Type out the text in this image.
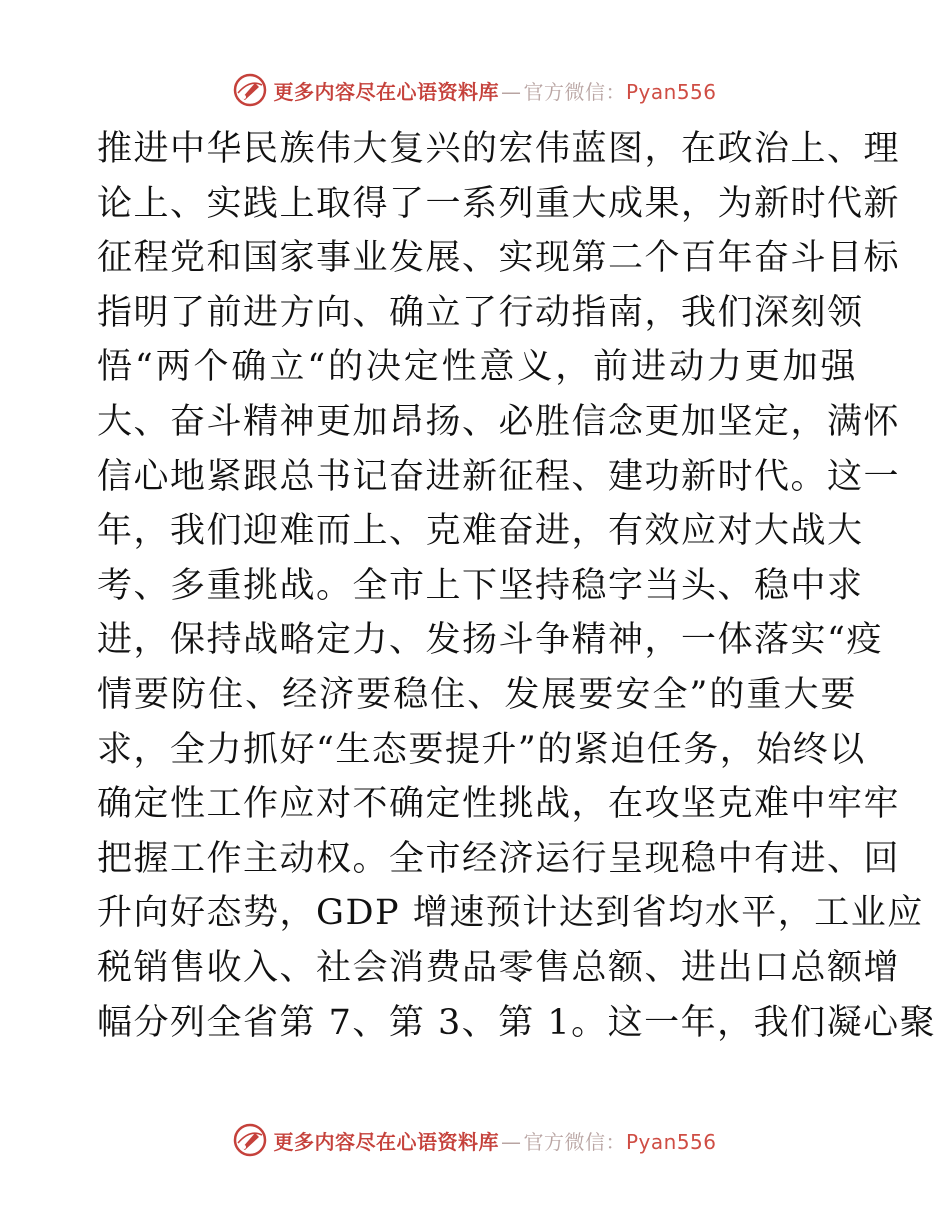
更多内容尽在心语资料库 — 官方微信：Pyan556
推进中华民族伟大复兴的宏伟蓝图，在政治上、理
论上、实践上取得了一系列重大成果，为新时代新
征程党和国家事业发展、实现第二个百年奋斗目标
指明了前进方向、确立了行动指南，我们深刻领
悟“两个确立“的决定性意义，前进动力更加强
大、奋斗精神更加昂扬、必胜信念更加坚定，满怀
信心地紧跟总书记奋进新征程、建功新时代。这一
年，我们迎难而上、克难奋进，有效应对大战大
考、多重挑战。全市上下坚持稳字当头、稳中求
进，保持战略定力、发扬斗争精神，一体落实“疫
情要防住、经济要稳住、发展要安全”的重大要
求，全力抓好“生态要提升”的紧迫任务，始终以
确定性工作应对不确定性挑战，在攻坚克难中牢牢
把握工作主动权。全市经济运行呈现稳中有进、回
升向好态势，GDP 增速预计达到省均水平，工业应
税销售收入、社会消费品零售总额、进出口总额增
幅分列全省第 7、第 3、第 1。这一年，我们凝心聚
更多内容尽在心语资料库 — 官方微信：Pyan556
